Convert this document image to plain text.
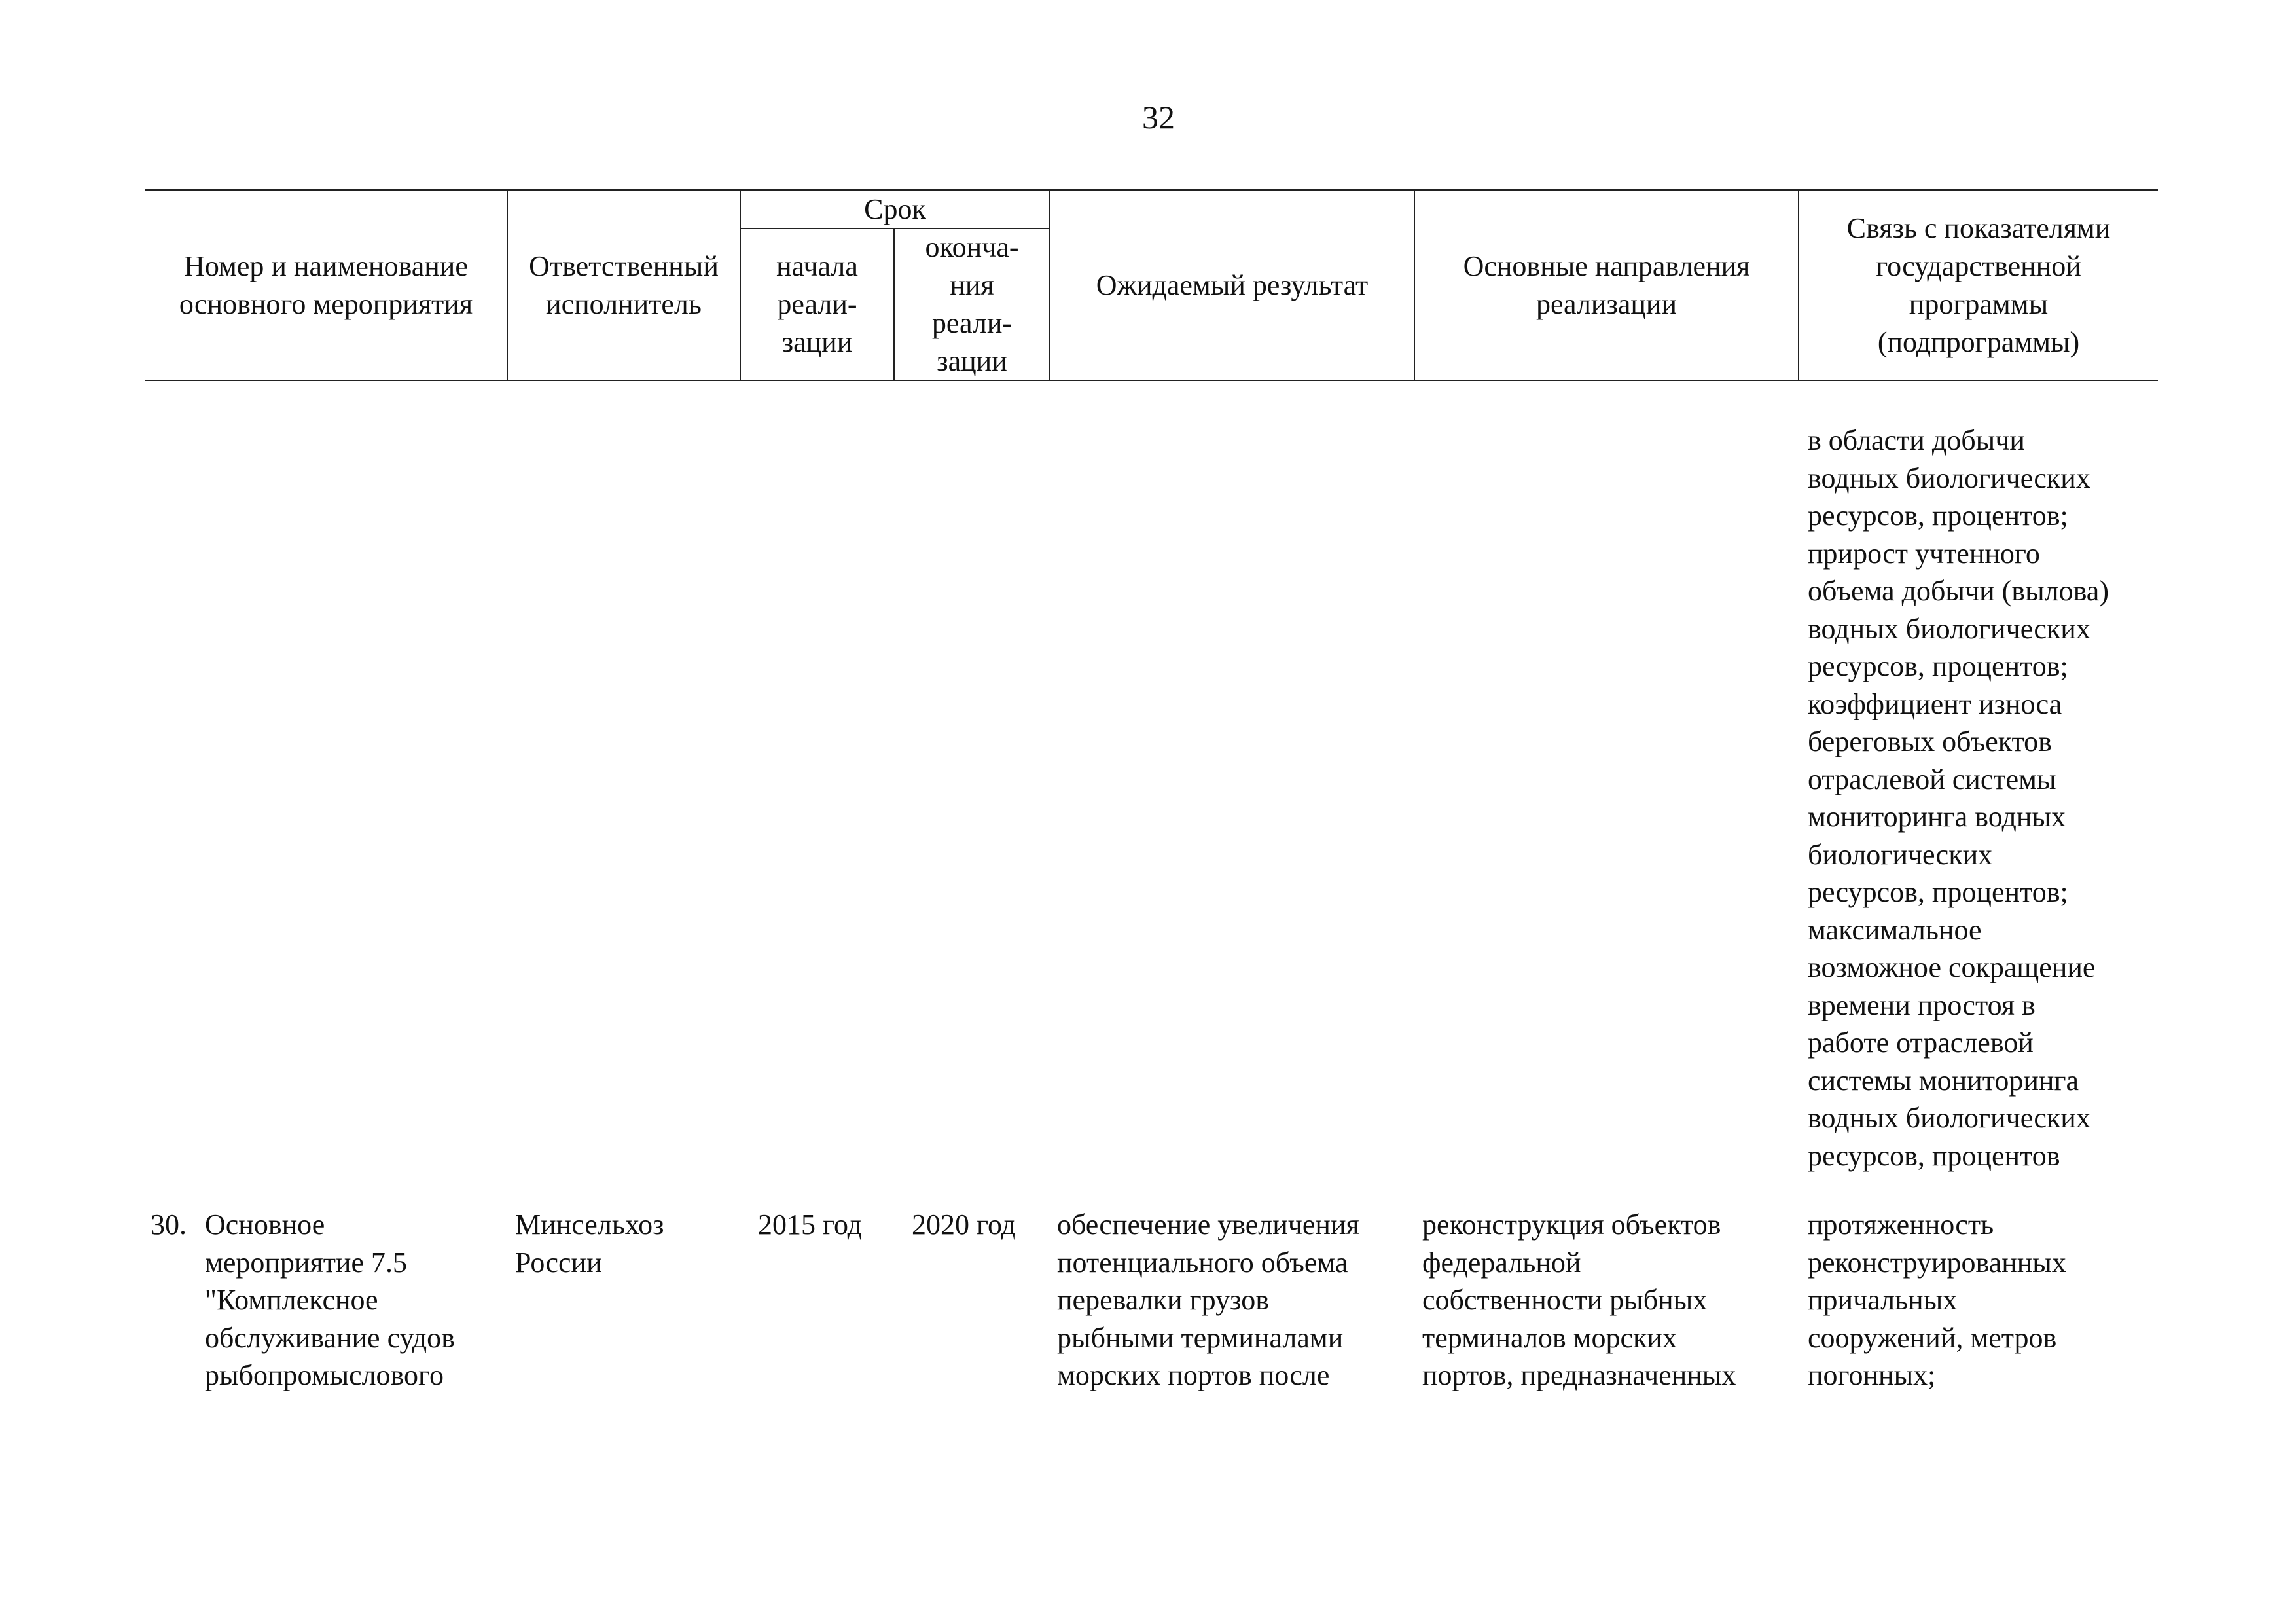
32
Номер и наименование
основного мероприятия
Ответственный
исполнитель
Срок
начала
реали-
зации
оконча-
ния
реали-
зации
Ожидаемый результат
Основные направления
реализации
Связь с показателями
государственной
программы
(подпрограммы)
в области добычи
водных биологических
ресурсов, процентов;
прирост учтенного
объема добычи (вылова)
водных биологических
ресурсов, процентов;
коэффициент износа
береговых объектов
отраслевой системы
мониторинга водных
биологических
ресурсов, процентов;
максимальное
возможное сокращение
времени простоя в
работе отраслевой
системы мониторинга
водных биологических
ресурсов, процентов
30. Основное
мероприятие 7.5
"Комплексное
обслуживание судов
рыбопромыслового
Минсельхоз
России
2015 год 2020 год обеспечение увеличения
потенциального объема
перевалки грузов
рыбными терминалами
морских портов после
реконструкция объектов
федеральной
собственности рыбных
терминалов морских
портов, предназначенных
протяженность
реконструированных
причальных
сооружений, метров
погонных;
